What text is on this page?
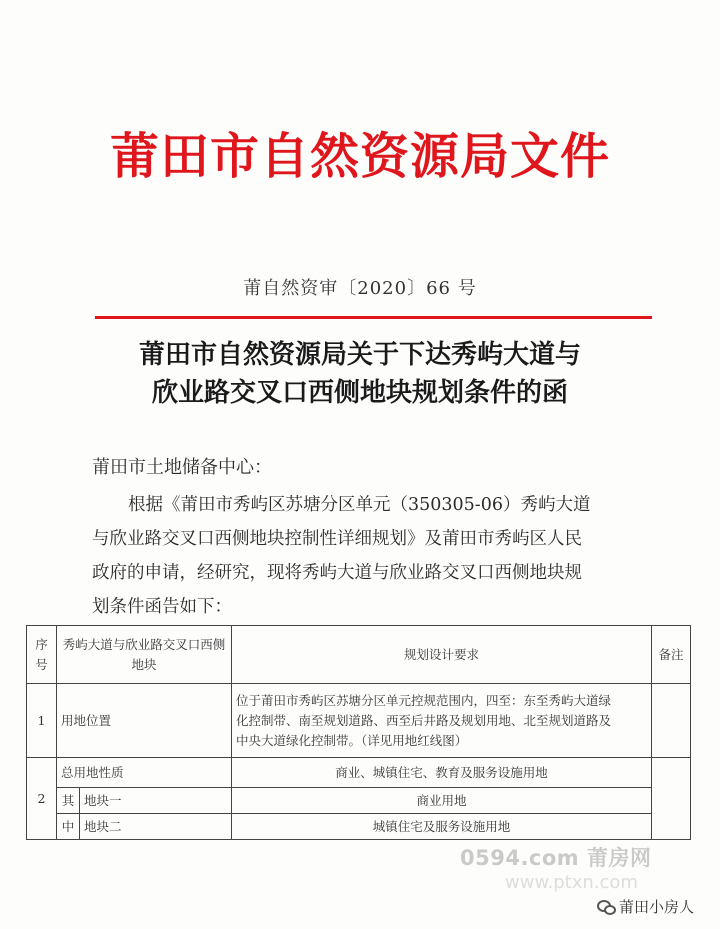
莆田市自然资源局文件
莆自然资审〔2020〕66 号
莆田市自然资源局关于下达秀屿大道与
欣业路交叉口西侧地块规划条件的函
莆田市土地储备中心：
根据《莆田市秀屿区苏塘分区单元（350305-06）秀屿大道
与欣业路交叉口西侧地块控制性详细规划》及莆田市秀屿区人民
政府的申请，经研究，现将秀屿大道与欣业路交叉口西侧地块规
划条件函告如下：
序号	秀屿大道与欣业路交叉口西侧地块		规划设计要求	备注
1	用地位置		位于莆田市秀屿区苏塘分区单元控规范围内，四至：东至秀屿大道绿
化控制带、南至规划道路、西至后井路及规划用地、北至规划道路及
中央大道绿化控制带。（详见用地红线图）	

2	总用地性质		商业、城镇住宅、教育及服务设施用地	
	其	地块一	商业用地	
	中	地块二	城镇住宅及服务设施用地	
0594.com 莆房网
www.ptxn.com
莆田小房人
